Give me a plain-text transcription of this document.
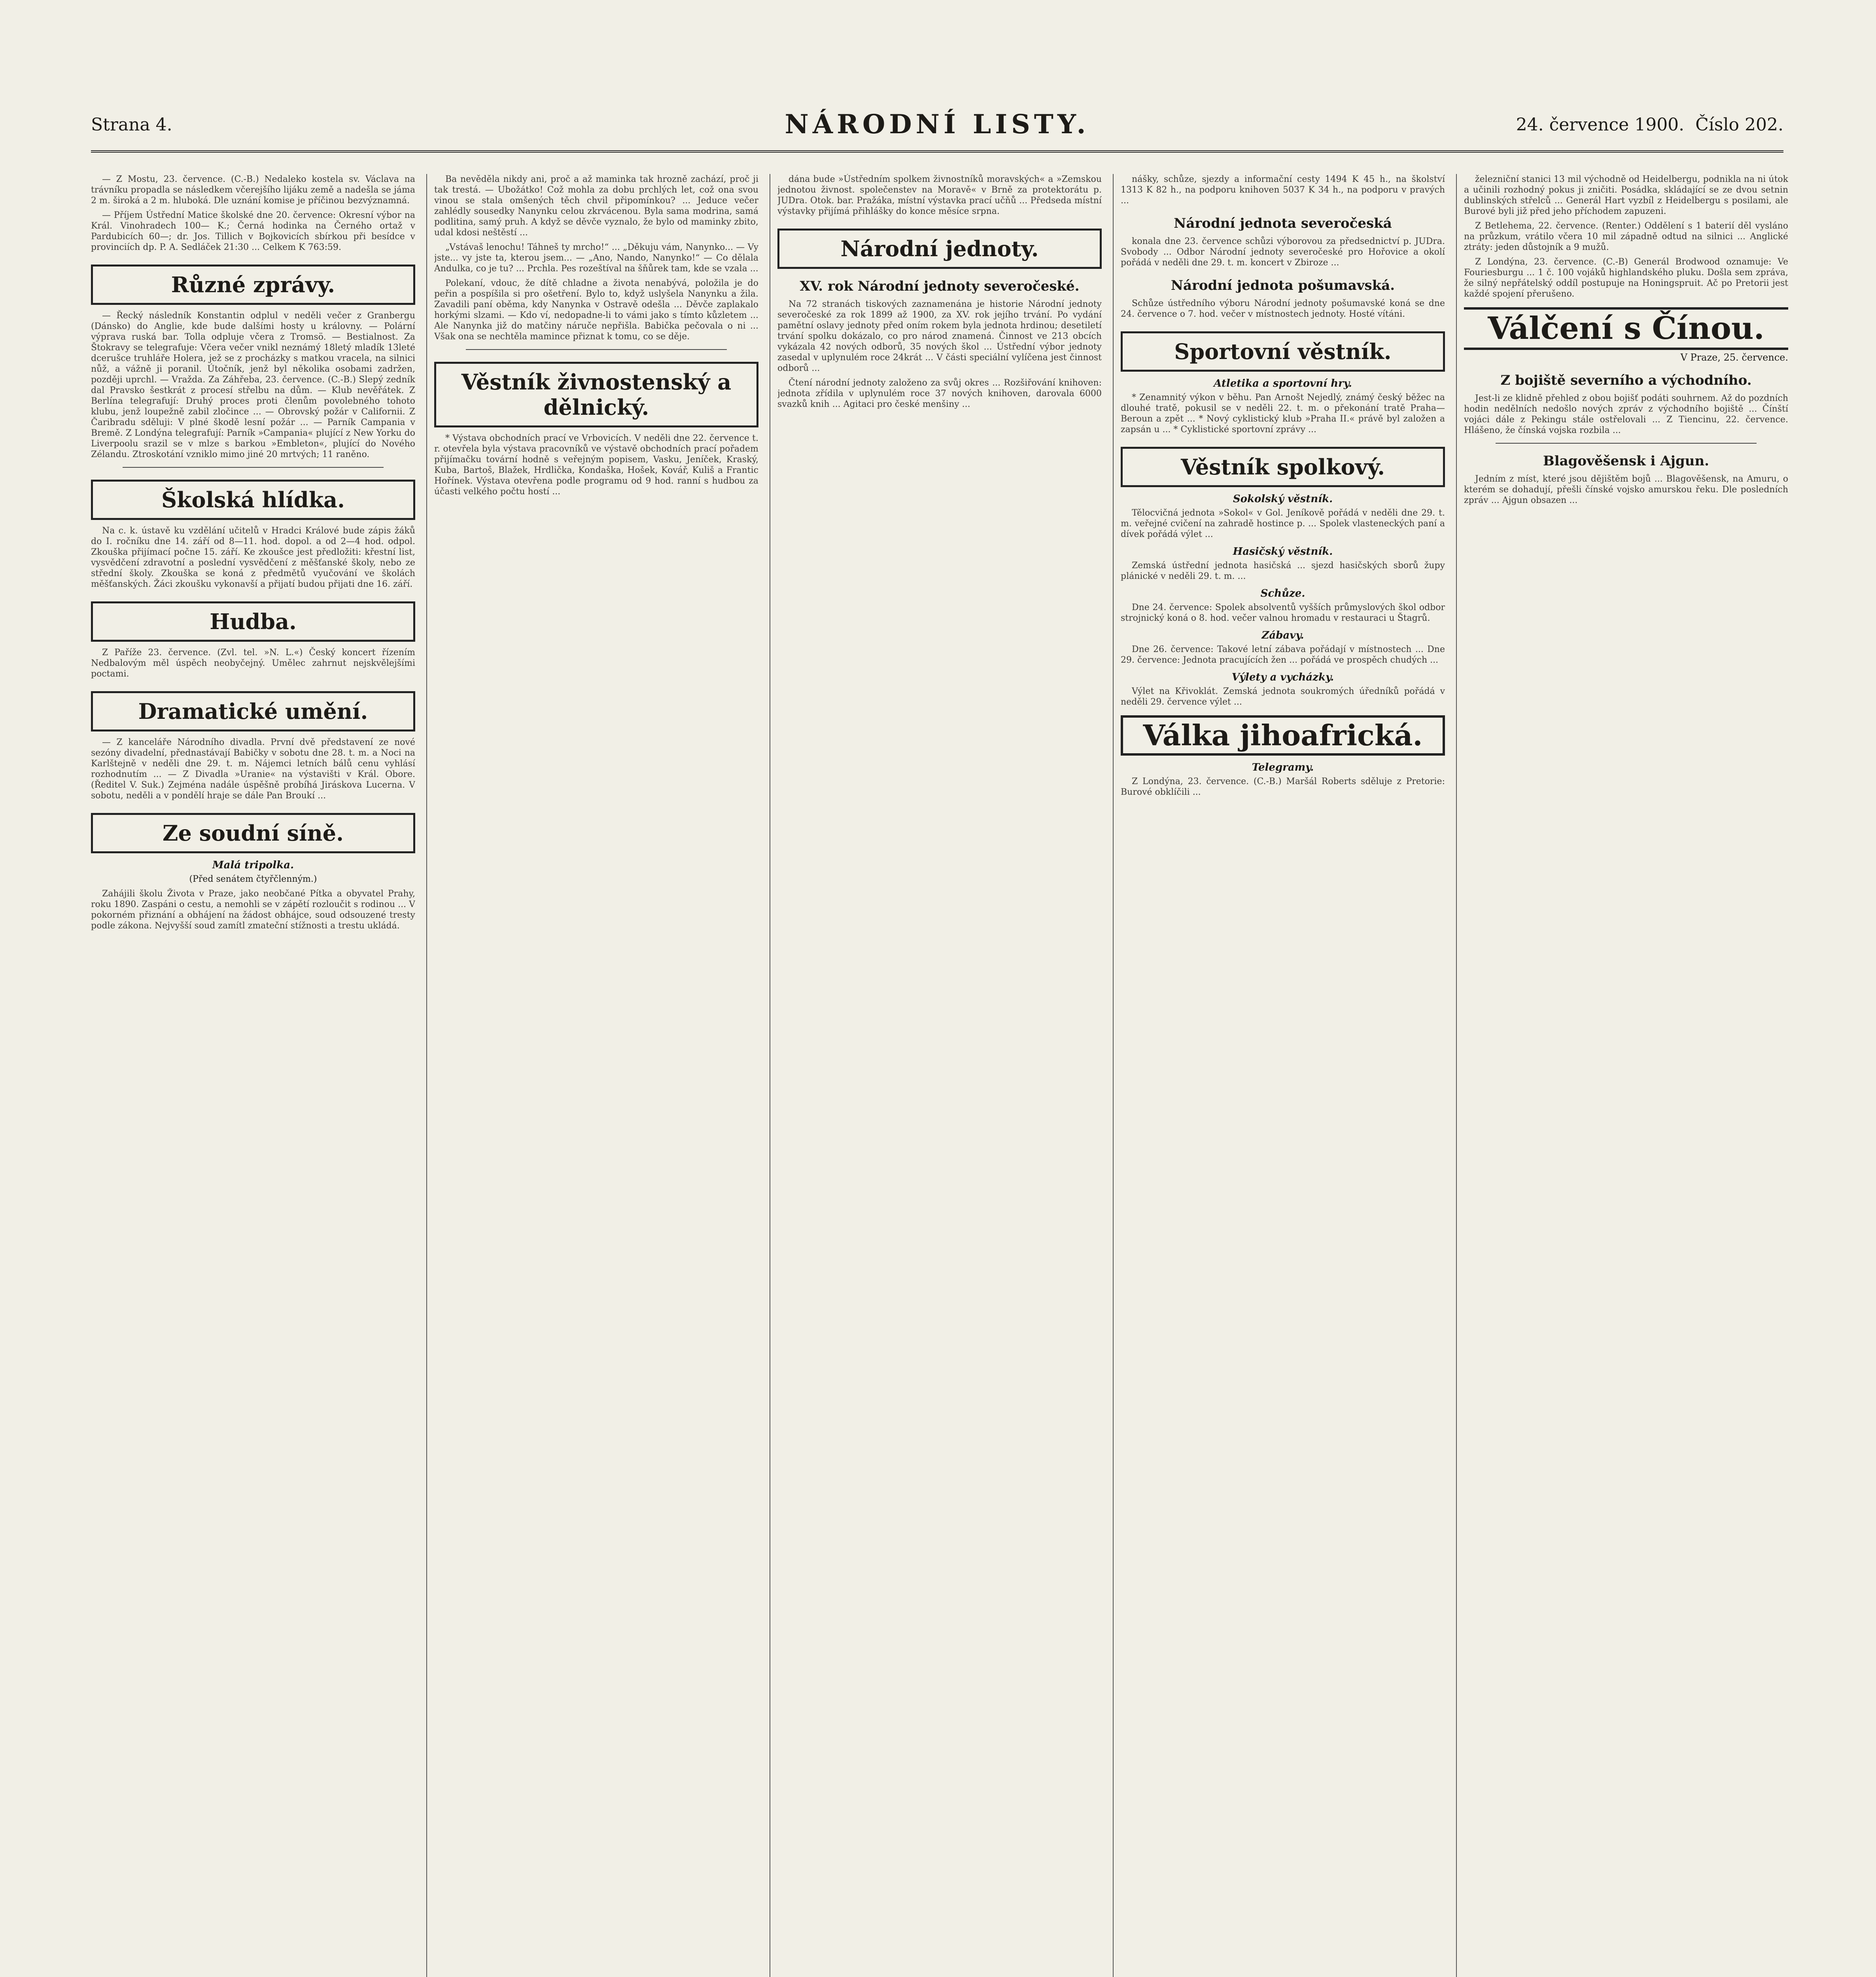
Strana 4.	NÁRODNÍ LISTY.	24. července 1900. Číslo 202.

— Z Mostu, 23. července. (C.-B.) Nedaleko kostela sv. Václava na trávníku propadla se následkem včerejšího lijáku země a nadešla se jáma 2 m. široká a 2 m. hluboká. Dle uznání komise je příčinou bezvýznamná.

— Příjem Ústřední Matice školské dne 20. července: Okresní výbor na Král. Vinohradech 100— K.; Černá hodinka na Černého ortaž v Pardubicích 60—; dr. Jos. Tillich v Bojkovicích sbírkou při besídce v provinciích dp. P. A. Sedláček 21:30 ... Celkem K 763:59.

Různé zprávy.

— Řecký následník Konstantin odplul v neděli večer z Granbergu (Dánsko) do Anglie, kde bude dalšími hosty u královny. — Polární výprava ruská bar. Tolla odpluje včera z Tromsö. — Bestialnost. Za Štokravy se telegrafuje: Včera večer vnikl neznámý 18letý mladík 13leté dcerušce truhláře Holera, jež se z procházky s matkou vracela, na silnici nůž, a vážně ji poranil. Útočník, jenž byl několika osobami zadržen, později uprchl. — Vražda. Za Záhřeba, 23. července. (C.-B.) Slepý zedník dal Pravsko šestkrát z procesí střelbu na dům. — Klub nevěřátek. Z Berlína telegrafují: Druhý proces proti členům povolebného tohoto klubu, jenž loupežně zabil zločince ... — Obrovský požár v Californii. Z Čaribradu sděluji: V plné škodě lesní požár ... — Parník Campania v Bremě. Z Londýna telegrafují: Parník »Campania« plující z New Yorku do Liverpoolu srazil se v mlze s barkou »Embleton«, plující do Nového Zélandu. Ztroskotání vzniklo mimo jiné 20 mrtvých; 11 raněno.

Školská hlídka.

Na c. k. ústavě ku vzdělání učitelů v Hradci Králové bude zápis žáků do I. ročníku dne 14. září od 8—11. hod. dopol. a od 2—4 hod. odpol. Zkouška přijímací počne 15. září. Ke zkoušce jest předložiti: křestní list, vysvědčení zdravotní a poslední vysvědčení z měšťanské školy, nebo ze střední školy. Zkouška se koná z předmětů vyučování ve školách měšťanských. Žáci zkoušku vykonavší a přijatí budou přijati dne 16. září.

Hudba.

Z Paříže 23. července. (Zvl. tel. »N. L.«) Český koncert řízením Nedbalovým měl úspěch neobyčejný. Umělec zahrnut nejskvělejšími poctami.

Dramatické umění.

— Z kanceláře Národního divadla. První dvě představení ze nové sezóny divadelní, přednastávají Babičky v sobotu dne 28. t. m. a Noci na Karlštejně v neděli dne 29. t. m. Nájemci letních bálů cenu vyhlásí rozhodnutím ... — Z Divadla »Uranie« na výstavišti v Král. Obore. (Ředitel V. Suk.) Zejména nadále úspěšně probíhá Jiráskova Lucerna. V sobotu, neděli a v pondělí hraje se dále Pan Broukí ...

Ze soudní síně.
Malá tripolka.
(Před senátem čtyřčlenným.)

Zahájili školu Života v Praze, jako neobčané Pítka a obyvatel Prahy, roku 1890. Zaspáni o cestu, a nemohli se v zápětí rozloučit s rodinou ... V pokorném přiznání a obhájení na žádost obhájce, soud odsouzené tresty podle zákona. Nejvyšší soud zamítl zmateční stížnosti a trestu ukládá.

Ba nevěděla nikdy ani, proč a až maminka tak hrozně zachází, proč ji tak trestá. — Ubožátko! Což mohla za dobu prchlých let, což ona svou vinou se stala omšených těch chvil připomínkou? ... Jeduce večer zahlédly sousedky Nanynku celou zkrvácenou. Byla sama modrina, samá podlitina, samý pruh. A když se děvče vyznalo, že bylo od maminky zbito, udal kdosi neštěstí ...

„Vstávaš lenochu! Táhneš ty mrcho!“ ... „Děkuju vám, Nanynko... — Vy jste... vy jste ta, kterou jsem... — „Ano, Nando, Nanynko!“ — Co dělala Andulka, co je tu? ... Prchla. Pes rozeštíval na šňůrek tam, kde se vzala ...

Polekaní, vdouc, že dítě chladne a života nenabývá, položila je do peřin a pospíšila si pro ošetření. Bylo to, když uslyšela Nanynku a žila. Zavadili paní oběma, kdy Nanynka v Ostravě odešla ... Děvče zaplakalo horkými slzami. — Kdo ví, nedopadne-li to vámi jako s tímto kůzletem ... Ale Nanynka již do matčiny náruče nepřišla. Babička pečovala o ni ... Však ona se nechtěla mamince přiznat k tomu, co se děje.

Věstník živnostenský a dělnický.

* Výstava obchodních prací ve Vrbovicích. V neděli dne 22. července t. r. otevřela byla výstava pracovníků ve výstavě obchodních prací pořadem přijímačku tovární hodně s veřejným popisem, Vasku, Jeníček, Kraský, Kuba, Bartoš, Blažek, Hrdlička, Kondaška, Hošek, Kovář, Kuliš a Frantic Hořínek. Výstava otevřena podle programu od 9 hod. ranní s hudbou za účasti velkého počtu hostí ...

dána bude »Ústředním spolkem živnostníků moravských« a »Zemskou jednotou živnost. společenstev na Moravě« v Brně za protektorátu p. JUDra. Otok. bar. Pražáka, místní výstavka prací učňů ... Předseda místní výstavky přijímá přihlášky do konce měsíce srpna.

Národní jednoty.
XV. rok Národní jednoty severočeské.

Na 72 stranách tiskových zaznamenána je historie Národní jednoty severočeské za rok 1899 až 1900, za XV. rok jejího trvání. Po vydání pamětní oslavy jednoty před oním rokem byla jednota hrdinou; desetiletí trvání spolku dokázalo, co pro národ znamená. Činnost ve 213 obcích vykázala 42 nových odborů, 35 nových škol ... Ústřední výbor jednoty zasedal v uplynulém roce 24krát ... V části speciální vylíčena jest činnost odborů ...

Čtení národní jednoty založeno za svůj okres ... Rozšiřování knihoven: jednota zřídila v uplynulém roce 37 nových knihoven, darovala 6000 svazků knih ... Agitaci pro české menšiny ...

nášky, schůze, sjezdy a informační cesty 1494 K 45 h., na školství 1313 K 82 h., na podporu knihoven 5037 K 34 h., na podporu v pravých ...

Národní jednota severočeská

konala dne 23. července schůzi výborovou za předsednictví p. JUDra. Svobody ... Odbor Národní jednoty severočeské pro Hořovice a okolí pořádá v neděli dne 29. t. m. koncert v Zbiroze ...

Národní jednota pošumavská.

Schůze ústředního výboru Národní jednoty pošumavské koná se dne 24. července o 7. hod. večer v místnostech jednoty. Hosté vítáni.

Sportovní věstník.
Atletika a sportovní hry.

* Zenamnitý výkon v běhu. Pan Arnošt Nejedlý, známý český běžec na dlouhé tratě, pokusil se v neděli 22. t. m. o překonání tratě Praha—Beroun a zpět ... * Nový cyklistický klub »Praha II.« právě byl založen a zapsán u ... * Cyklistické sportovní zprávy ...

Věstník spolkový.
Sokolský věstník.

Tělocvičná jednota »Sokol« v Gol. Jeníkově pořádá v neděli dne 29. t. m. veřejné cvičení na zahradě hostince p. ... Spolek vlasteneckých paní a dívek pořádá výlet ...

Hasičský věstník.

Zemská ústřední jednota hasičská ... sjezd hasičských sborů župy plánické v neděli 29. t. m. ...

Schůze.

Dne 24. července: Spolek absolventů vyšších průmyslových škol odbor strojnický koná o 8. hod. večer valnou hromadu v restauraci u Štagrů.

Zábavy.

Dne 26. července: Takové letní zábava pořádají v místnostech ... Dne 29. července: Jednota pracujících žen ... pořádá ve prospěch chudých ...

Výlety a vycházky.

Výlet na Křivoklát. Zemská jednota soukromých úředníků pořádá v neděli 29. července výlet ...

Válka jihoafrická.
Telegramy.

Z Londýna, 23. července. (C.-B.) Maršál Roberts sděluje z Pretorie: Burové obklíčili ...

železniční stanici 13 mil východně od Heidelbergu, podnikla na ni útok a učinili rozhodný pokus ji zničiti. Posádka, skládající se ze dvou setnin dublinských střelců ... Generál Hart vyzbíl z Heidelbergu s posilami, ale Burové byli již před jeho příchodem zapuzeni.

Z Betlehema, 22. července. (Renter.) Oddělení s 1 baterií děl vysláno na průzkum, vrátilo včera 10 mil západně odtud na silnici ... Anglické ztráty: jeden důstojník a 9 mužů.

Z Londýna, 23. července. (C.-B) Generál Brodwood oznamuje: Ve Fouriesburgu ... 1 č. 100 vojáků highlandského pluku. Došla sem zpráva, že silný nepřátelský oddíl postupuje na Honingspruit. Ač po Pretorii jest každé spojení přerušeno.

Válčení s Čínou.
V Praze, 25. července.
Z bojiště severního a východního.

Jest-li ze klidně přehled z obou bojišť podáti souhrnem. Až do pozdních hodin nedělních nedošlo nových zpráv z východního bojiště ... Čínští vojáci dále z Pekingu stále ostřelovali ... Z Tiencinu, 22. července. Hlášeno, že čínská vojska rozbila ...

Blagověšensk i Ajgun.

Jedním z míst, které jsou dějištěm bojů ... Blagověšensk, na Amuru, o kterém se dohadují, přešli čínské vojsko amurskou řeku. Dle posledních zpráv ... Ajgun obsazen ...
